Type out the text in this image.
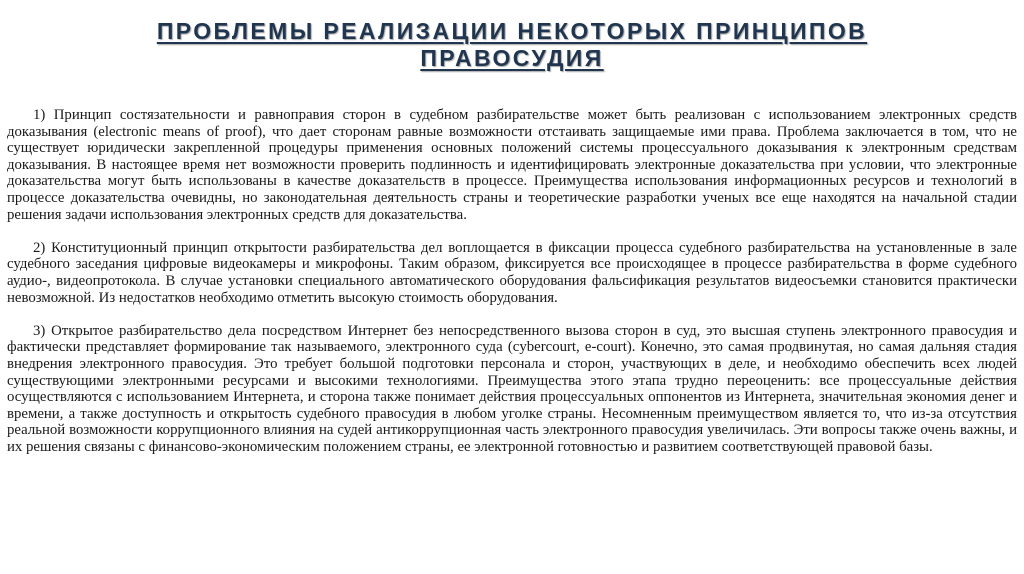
ПРОБЛЕМЫ РЕАЛИЗАЦИИ НЕКОТОРЫХ ПРИНЦИПОВ
ПРАВОСУДИЯ

1) Принцип состязательности и равноправия сторон в судебном разбирательстве может быть реализован с использованием электронных средств доказывания (electronic means of proof), что дает сторонам равные возможности отстаивать защищаемые ими права. Проблема заключается в том, что не существует юридически закрепленной процедуры применения основных положений системы процессуального доказывания к электронным средствам доказывания. В настоящее время нет возможности проверить подлинность и идентифицировать электронные доказательства при условии, что электронные доказательства могут быть использованы в качестве доказательств в процессе. Преимущества использования информационных ресурсов и технологий в процессе доказательства очевидны, но законодательная деятельность страны и теоретические разработки ученых все еще находятся на начальной стадии решения задачи использования электронных средств для доказательства.

2) Конституционный принцип открытости разбирательства дел воплощается в фиксации процесса судебного разбирательства на установленные в зале судебного заседания цифровые видеокамеры и микрофоны. Таким образом, фиксируется все происходящее в процессе разбирательства в форме судебного аудио-, видеопротокола. В случае установки специального автоматического оборудования фальсификация результатов видеосъемки становится практически невозможной. Из недостатков необходимо отметить высокую стоимость оборудования.

3) Открытое разбирательство дела посредством Интернет без непосредственного вызова сторон в суд, это высшая ступень электронного правосудия и фактически представляет формирование так называемого, электронного суда (cybercourt, e-court). Конечно, это самая продвинутая, но самая дальняя стадия внедрения электронного правосудия. Это требует большой подготовки персонала и сторон, участвующих в деле, и необходимо обеспечить всех людей существующими электронными ресурсами и высокими технологиями. Преимущества этого этапа трудно переоценить: все процессуальные действия осуществляются с использованием Интернета, и сторона также понимает действия процессуальных оппонентов из Интернета, значительная экономия денег и времени, а также доступность и открытость судебного правосудия в любом уголке страны. Несомненным преимуществом является то, что из-за отсутствия реальной возможности коррупционного влияния на судей антикоррупционная часть электронного правосудия увеличилась. Эти вопросы также очень важны, и их решения связаны с финансово-экономическим положением страны, ее электронной готовностью и развитием соответствующей правовой базы.
